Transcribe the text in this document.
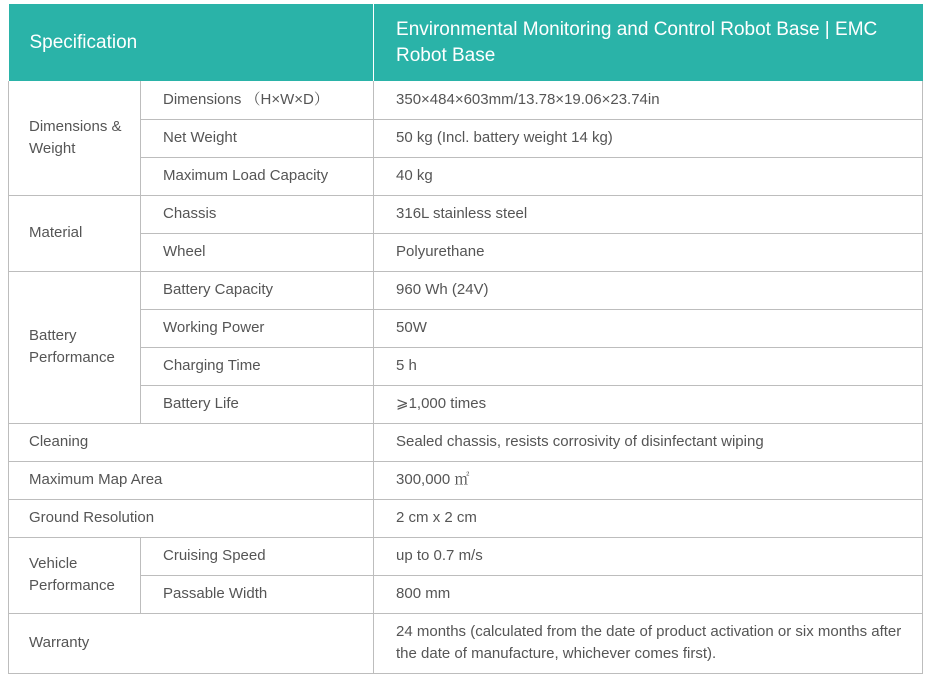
Specification		Environmental Monitoring and Control Robot Base | EMC Robot Base
Dimensions & Weight	Dimensions （H×W×D）	350×484×603mm/13.78×19.06×23.74in
	Net Weight	50 kg (Incl. battery weight 14 kg)
	Maximum Load Capacity	40 kg
Material	Chassis	316L stainless steel
	Wheel	Polyurethane
Battery Performance	Battery Capacity	960 Wh (24V)
	Working Power	50W
	Charging Time	5 h
	Battery Life	⩾1,000 times
Cleaning		Sealed chassis, resists corrosivity of disinfectant wiping
Maximum Map Area		300,000 ㎡
Ground Resolution		2 cm x 2 cm
Vehicle Performance	Cruising Speed	up to 0.7 m/s
	Passable Width	800 mm
Warranty		24 months (calculated from the date of product activation or six months after the date of manufacture, whichever comes first).
